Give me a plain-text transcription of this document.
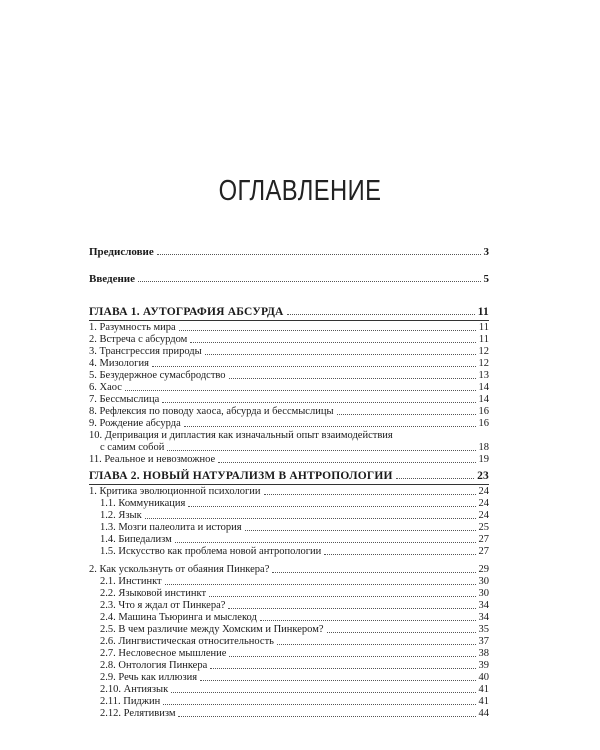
ОГЛАВЛЕНИЕ
Предисловие	3
Введение	5
ГЛАВА 1. АУТОГРАФИЯ АБСУРДА	11
1. Разумность мира	11
2. Встреча с абсурдом	11
3. Трансгрессия природы	12
4. Мизология	12
5. Безудержное сумасбродство	13
6. Хаос	14
7. Бессмыслица	14
8. Рефлексия по поводу хаоса, абсурда и бессмыслицы	16
9. Рождение абсурда	16
10. Депривация и дипластия как изначальный опыт взаимодействия
с самим собой	18
11. Реальное и невозможное	19
ГЛАВА 2. НОВЫЙ НАТУРАЛИЗМ В АНТРОПОЛОГИИ	23
1. Критика эволюционной психологии	24
1.1. Коммуникация	24
1.2. Язык	24
1.3. Мозги палеолита и история	25
1.4. Бипедализм	27
1.5. Искусство как проблема новой антропологии	27
2. Как ускользнуть от обаяния Пинкера?	29
2.1. Инстинкт	30
2.2. Языковой инстинкт	30
2.3. Что я ждал от Пинкера?	34
2.4. Машина Тьюринга и мыслекод	34
2.5. В чем различие между Хомским и Пинкером?	35
2.6. Лингвистическая относительность	37
2.7. Несловесное мышление	38
2.8. Онтология Пинкера	39
2.9. Речь как иллюзия	40
2.10. Антиязык	41
2.11. Пиджин	41
2.12. Релятивизм	44
